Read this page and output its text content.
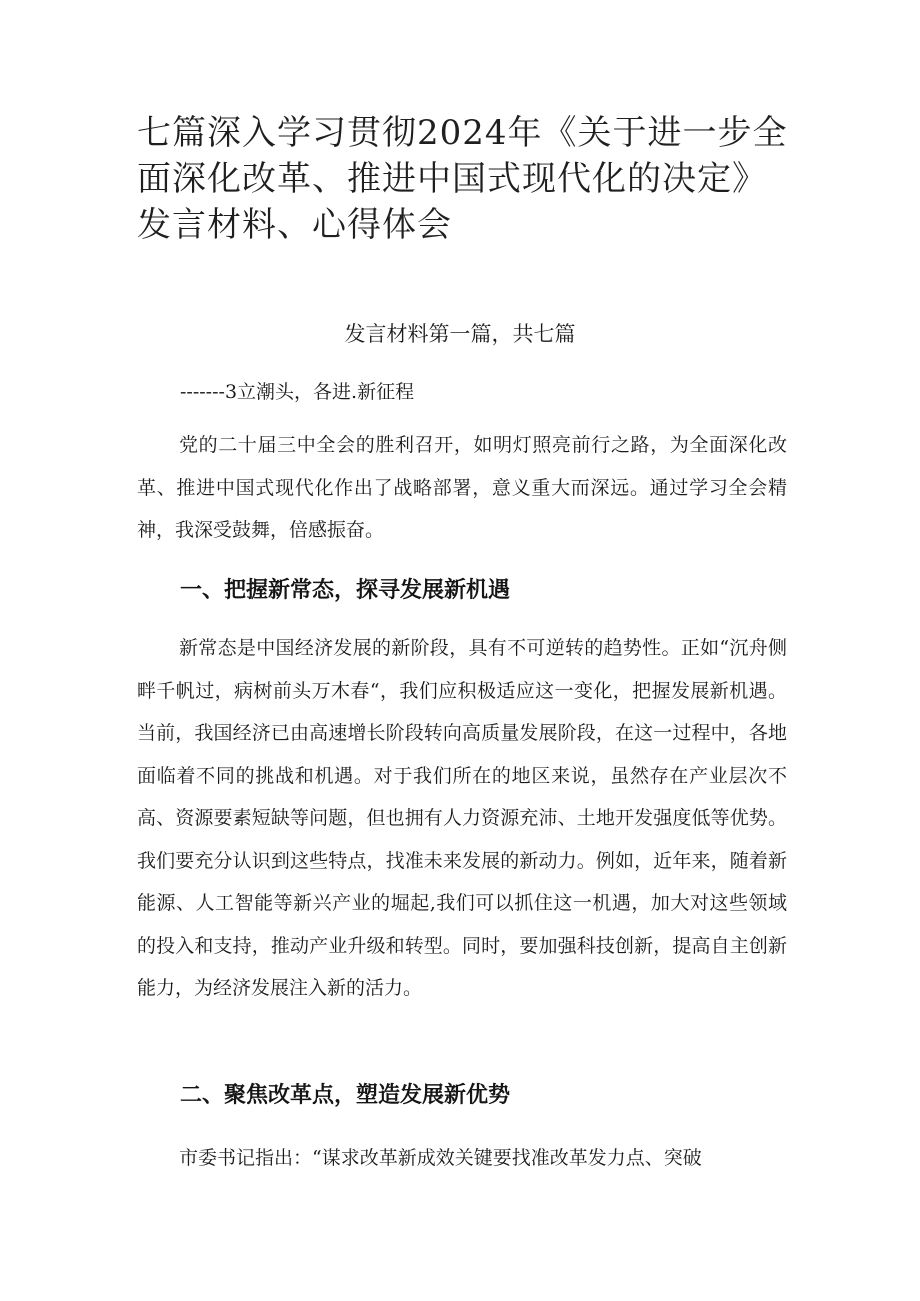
七篇深入学习贯彻2024年《关于进一步全面深化改革、推进中国式现代化的决定》发言材料、心得体会

发言材料第一篇，共七篇

-------3立潮头，各进.新征程

党的二十届三中全会的胜利召开，如明灯照亮前行之路，为全面深化改革、推进中国式现代化作出了战略部署，意义重大而深远。通过学习全会精神，我深受鼓舞，倍感振奋。

一、把握新常态，探寻发展新机遇

新常态是中国经济发展的新阶段，具有不可逆转的趋势性。正如“沉舟侧畔千帆过，病树前头万木春“，我们应积极适应这一变化，把握发展新机遇。当前，我国经济已由高速增长阶段转向高质量发展阶段，在这一过程中，各地面临着不同的挑战和机遇。对于我们所在的地区来说，虽然存在产业层次不高、资源要素短缺等问题，但也拥有人力资源充沛、土地开发强度低等优势。我们要充分认识到这些特点，找准未来发展的新动力。例如，近年来，随着新能源、人工智能等新兴产业的堀起,我们可以抓住这一机遇，加大对这些领域的投入和支持，推动产业升级和转型。同时，要加强科技创新，提高自主创新能力，为经济发展注入新的活力。

二、聚焦改革点，塑造发展新优势

市委书记指出：“谋求改革新成效关键要找准改革发力点、突破
